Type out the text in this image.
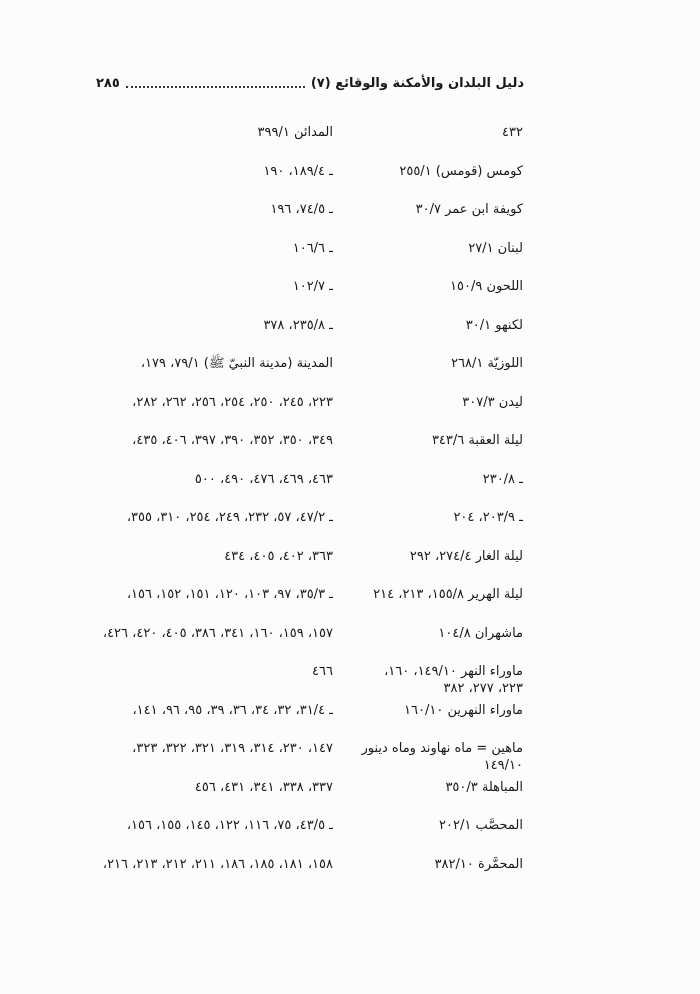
دليل البلدان والأمكنة والوقائع (٧)
٢٨٥
٤٣٢
كومس (قومس) ٢٥٥/١
كويفة ابن عمر ٣٠/٧
لبنان ٢٧/١
اللحون ١٥٠/٩
لكنهو ٣٠/١
اللوزيّة ٢٦٨/١
ليدن ٣٠٧/٣
ليلة العقبة ٣٤٣/٦
ـ ٢٣٠/٨
ـ ٢٠٣/٩، ٢٠٤
ليلة الغار ٢٧٤/٤، ٢٩٢
ليلة الهرير ١٥٥/٨، ٢١٣، ٢١٤
ماشهران ١٠٤/٨
ماوراء النهر ١٤٩/١٠، ١٦٠، ٢٢٣، ٢٧٧، ٣٨٢
ماوراء النهرين ١٦٠/١٠
ماهين = ماه نهاوند وماه دينور ١٤٩/١٠
المباهلة ٣٥٠/٣
المحصَّب ٢٠٢/١
المحمَّرة ٣٨٢/١٠
المدائن ٣٩٩/١
ـ ١٨٩/٤، ١٩٠
ـ ٧٤/٥، ١٩٦
ـ ١٠٦/٦
ـ ١٠٢/٧
ـ ٢٣٥/٨، ٣٧٨
المدينة (مدينة النبيّ ﷺ) ٧٩/١، ١٧٩،
٢٢٣، ٢٤٥، ٢٥٠، ٢٥٤، ٢٥٦، ٢٦٢، ٢٨٢،
٣٤٩، ٣٥٠، ٣٥٢، ٣٩٠، ٣٩٧، ٤٠٦، ٤٣٥،
٤٦٣، ٤٦٩، ٤٧٦، ٤٩٠، ٥٠٠
ـ ٤٧/٢، ٥٧، ٢٣٢، ٢٤٩، ٢٥٤، ٣١٠، ٣٥٥،
٣٦٣، ٤٠٢، ٤٠٥، ٤٣٤
ـ ٣٥/٣، ٩٧، ١٠٣، ١٢٠، ١٥١، ١٥٢، ١٥٦،
١٥٧، ١٥٩، ١٦٠، ٣٤١، ٣٨٦، ٤٠٥، ٤٢٠، ٤٢٦،
٤٦٦
ـ ٣١/٤، ٣٢، ٣٤، ٣٦، ٣٩، ٩٥، ٩٦، ١٤١،
١٤٧، ٢٣٠، ٣١٤، ٣١٩، ٣٢١، ٣٢٢، ٣٢٣،
٣٣٧، ٣٣٨، ٣٤١، ٤٣١، ٤٥٦
ـ ٤٣/٥، ٧٥، ١١٦، ١٢٢، ١٤٥، ١٥٥، ١٥٦،
١٥٨، ١٨١، ١٨٥، ١٨٦، ٢١١، ٢١٢، ٢١٣، ٢١٦،
